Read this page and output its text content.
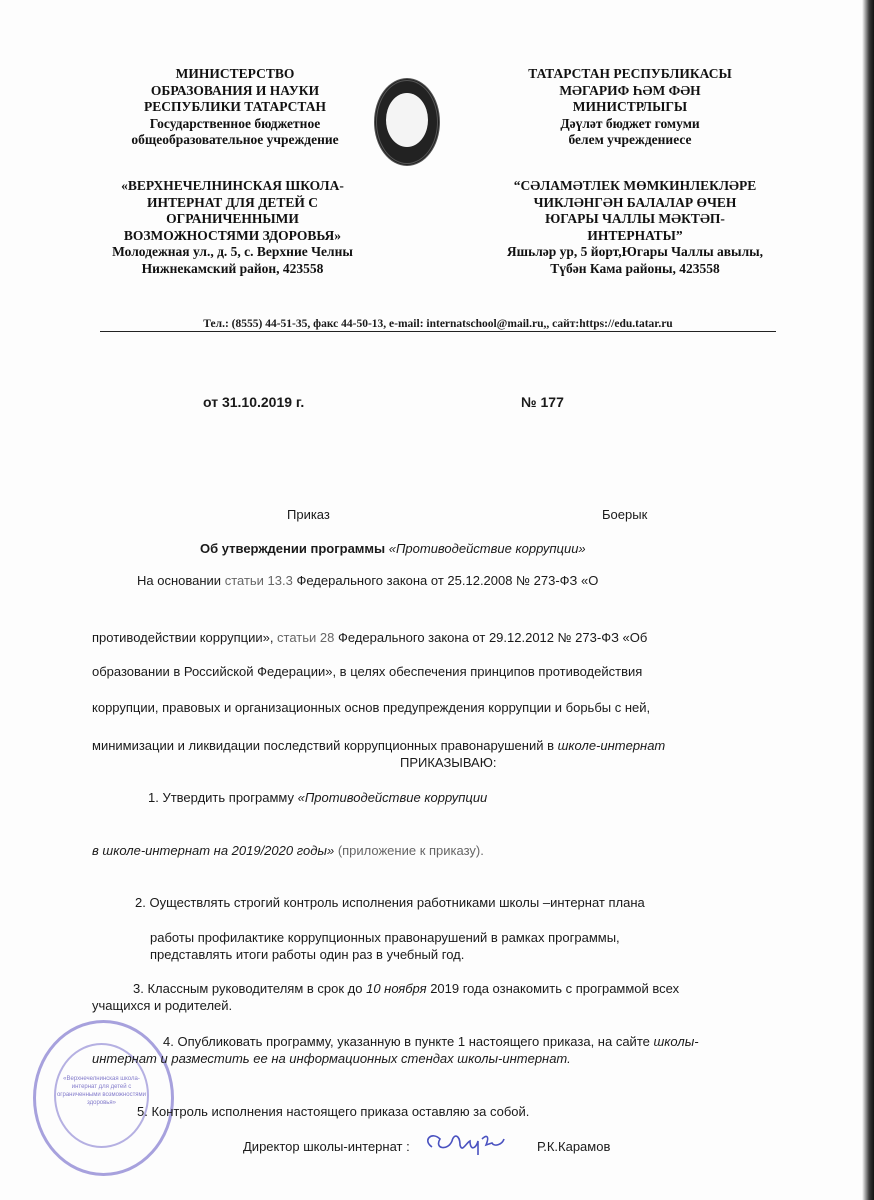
МИНИСТЕРСТВО
ОБРАЗОВАНИЯ И НАУКИ
РЕСПУБЛИКИ ТАТАРСТАН
Государственное бюджетное
общеобразовательное учреждение
«ВЕРХНЕЧЕЛНИНСКАЯ ШКОЛА-
ИНТЕРНАТ ДЛЯ ДЕТЕЙ С
ОГРАНИЧЕННЫМИ
ВОЗМОЖНОСТЯМИ ЗДОРОВЬЯ»
Молодежная ул., д. 5, с. Верхние Челны
Нижнекамский район, 423558
ТАТАРСТАН РЕСПУБЛИКАСЫ
МӘГАРИФ ҺӘМ ФӘН
МИНИСТРЛЫГЫ
Дәүләт бюджет гомуми
белем учреждениесе
“СӘЛАМӘТЛЕК МӨМКИНЛЕКЛӘРЕ
ЧИКЛӘНГӘН БАЛАЛАР ӨЧЕН
ЮГАРЫ ЧАЛЛЫ МӘКТӘП-
ИНТЕРНАТЫ”
Яшьләр ур, 5 йорт,Югары Чаллы авылы,
Түбән Кама районы, 423558
Тел.: (8555) 44-51-35, факс 44-50-13, e-mail: internatschool@mail.ru,, сайт:https://edu.tatar.ru
от 31.10.2019 г.	№ 177
Приказ	Боерык
Об утверждении программы «Противодействие коррупции»
На основании статьи 13.3 Федерального закона от 25.12.2008 № 273-ФЗ «О
противодействии коррупции», статьи 28 Федерального закона от 29.12.2012 № 273-ФЗ «Об
образовании в Российской Федерации», в целях обеспечения принципов противодействия
коррупции, правовых и организационных основ предупреждения коррупции и борьбы с ней,
минимизации и ликвидации последствий коррупционных правонарушений в школе-интернат
ПРИКАЗЫВАЮ:
1. Утвердить программу «Противодействие коррупции
в школе-интернат на 2019/2020 годы» (приложение к приказу).
2. Оуществлять строгий контроль исполнения работниками школы –интернат плана
работы профилактике коррупционных правонарушений в рамках программы,
представлять итоги работы один раз в учебный год.
3. Классным руководителям в срок до 10 ноября 2019 года ознакомить с программой всех
учащихся и родителей.
«Верхнечелнинская школа-интернат для детей с ограниченными возможностями здоровья»
4. Опубликовать программу, указанную в пункте 1 настоящего приказа, на сайте школы-
интернат и разместить ее на информационных стендах школы-интернат.
5. Контроль исполнения настоящего приказа оставляю за собой.
Директор школы-интернат :	Р.К.Карамов
